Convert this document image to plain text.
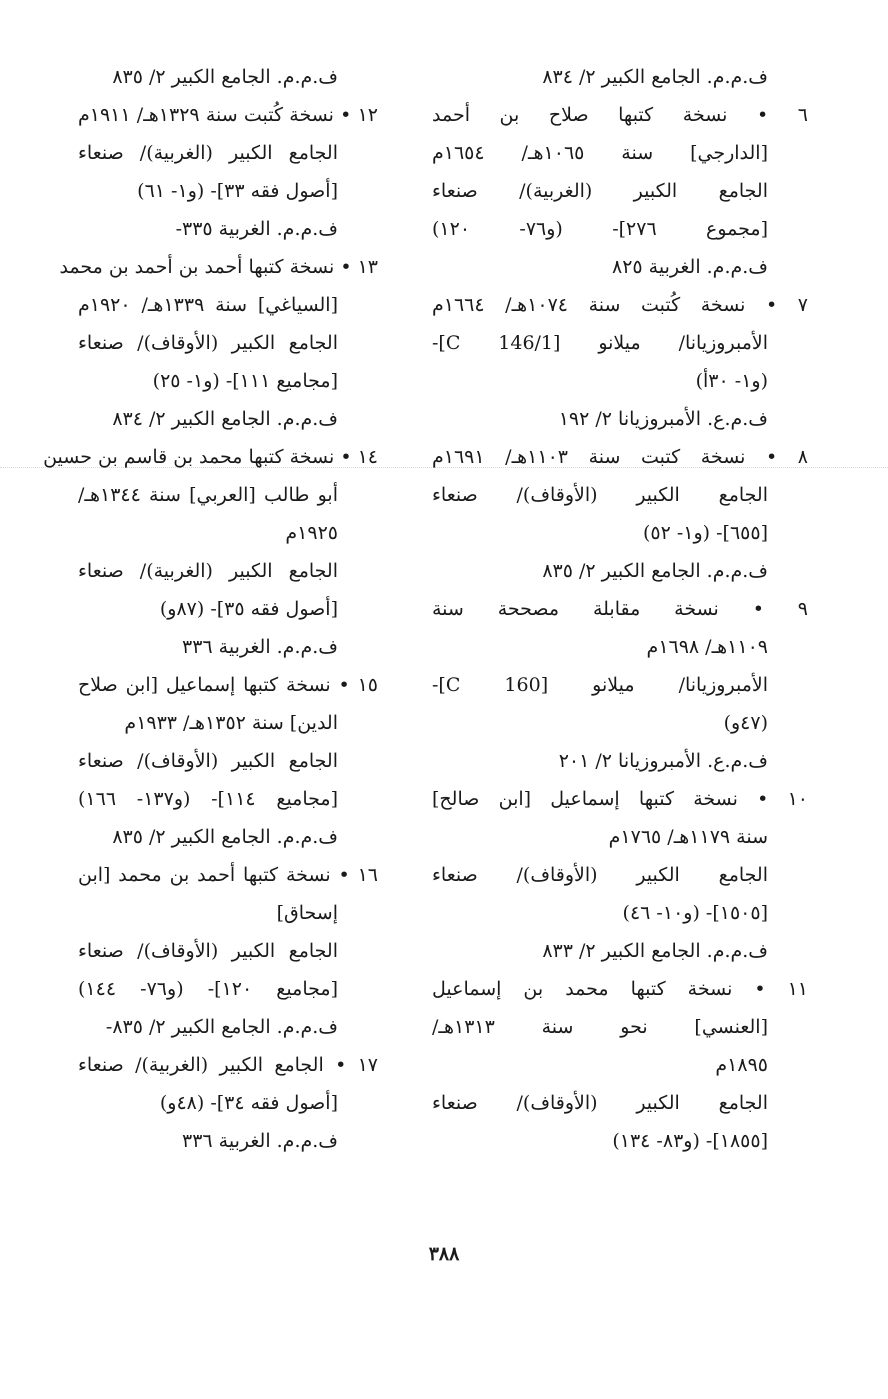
ف.م.م. الجامع الكبير ٢/ ٨٣٤
٦ • نسخة كتبها صلاح بن أحمد
[الدارجي] سنة ١٠٦٥هـ/ ١٦٥٤م
الجامع الكبير (الغربية)/ صنعاء
[مجموع ٢٧٦]- (و٧٦- ١٢٠)
ف.م.م. الغربية ٨٢٥
٧ • نسخة كُتبت سنة ١٠٧٤هـ/ ١٦٦٤م
الأمبروزيانا/ ميلانو [C 146/1]-
(و١- ٣٠أ)
ف.م.ع. الأمبروزيانا ٢/ ١٩٢
٨ • نسخة كتبت سنة ١١٠٣هـ/ ١٦٩١م
الجامع الكبير (الأوقاف)/ صنعاء
[٦٥٥]- (و١- ٥٢)
ف.م.م. الجامع الكبير ٢/ ٨٣٥
٩ • نسخة مقابلة مصححة سنة
١١٠٩هـ/ ١٦٩٨م
الأمبروزيانا/ ميلانو [C 160]-
(٤٧و)
ف.م.ع. الأمبروزيانا ٢/ ٢٠١
١٠ • نسخة كتبها إسماعيل [ابن صالح]
سنة ١١٧٩هـ/ ١٧٦٥م
الجامع الكبير (الأوقاف)/ صنعاء
[١٥٠٥]- (و١٠- ٤٦)
ف.م.م. الجامع الكبير ٢/ ٨٣٣
١١ • نسخة كتبها محمد بن إسماعيل
[العنسي] نحو سنة ١٣١٣هـ/
١٨٩٥م
الجامع الكبير (الأوقاف)/ صنعاء
[١٨٥٥]- (و٨٣- ١٣٤)
ف.م.م. الجامع الكبير ٢/ ٨٣٥
١٢ • نسخة كُتبت سنة ١٣٢٩هـ/ ١٩١١م
الجامع الكبير (الغربية)/ صنعاء
[أصول فقه ٣٣]- (و١- ٦١)
ف.م.م. الغربية ٣٣٥-
١٣ • نسخة كتبها أحمد بن أحمد بن محمد
[السياغي] سنة ١٣٣٩هـ/ ١٩٢٠م
الجامع الكبير (الأوقاف)/ صنعاء
[مجاميع ١١١]- (و١- ٢٥)
ف.م.م. الجامع الكبير ٢/ ٨٣٤
١٤ • نسخة كتبها محمد بن قاسم بن حسين
أبو طالب [العربي] سنة ١٣٤٤هـ/
١٩٢٥م
الجامع الكبير (الغربية)/ صنعاء
[أصول فقه ٣٥]- (٨٧و)
ف.م.م. الغربية ٣٣٦
١٥ • نسخة كتبها إسماعيل [ابن صلاح
الدين] سنة ١٣٥٢هـ/ ١٩٣٣م
الجامع الكبير (الأوقاف)/ صنعاء
[مجاميع ١١٤]- (و١٣٧- ١٦٦)
ف.م.م. الجامع الكبير ٢/ ٨٣٥
١٦ • نسخة كتبها أحمد بن محمد [ابن
إسحاق]
الجامع الكبير (الأوقاف)/ صنعاء
[مجاميع ١٢٠]- (و٧٦- ١٤٤)
ف.م.م. الجامع الكبير ٢/ ٨٣٥-
١٧ • الجامع الكبير (الغربية)/ صنعاء
[أصول فقه ٣٤]- (٤٨و)
ف.م.م. الغربية ٣٣٦
٣٨٨
